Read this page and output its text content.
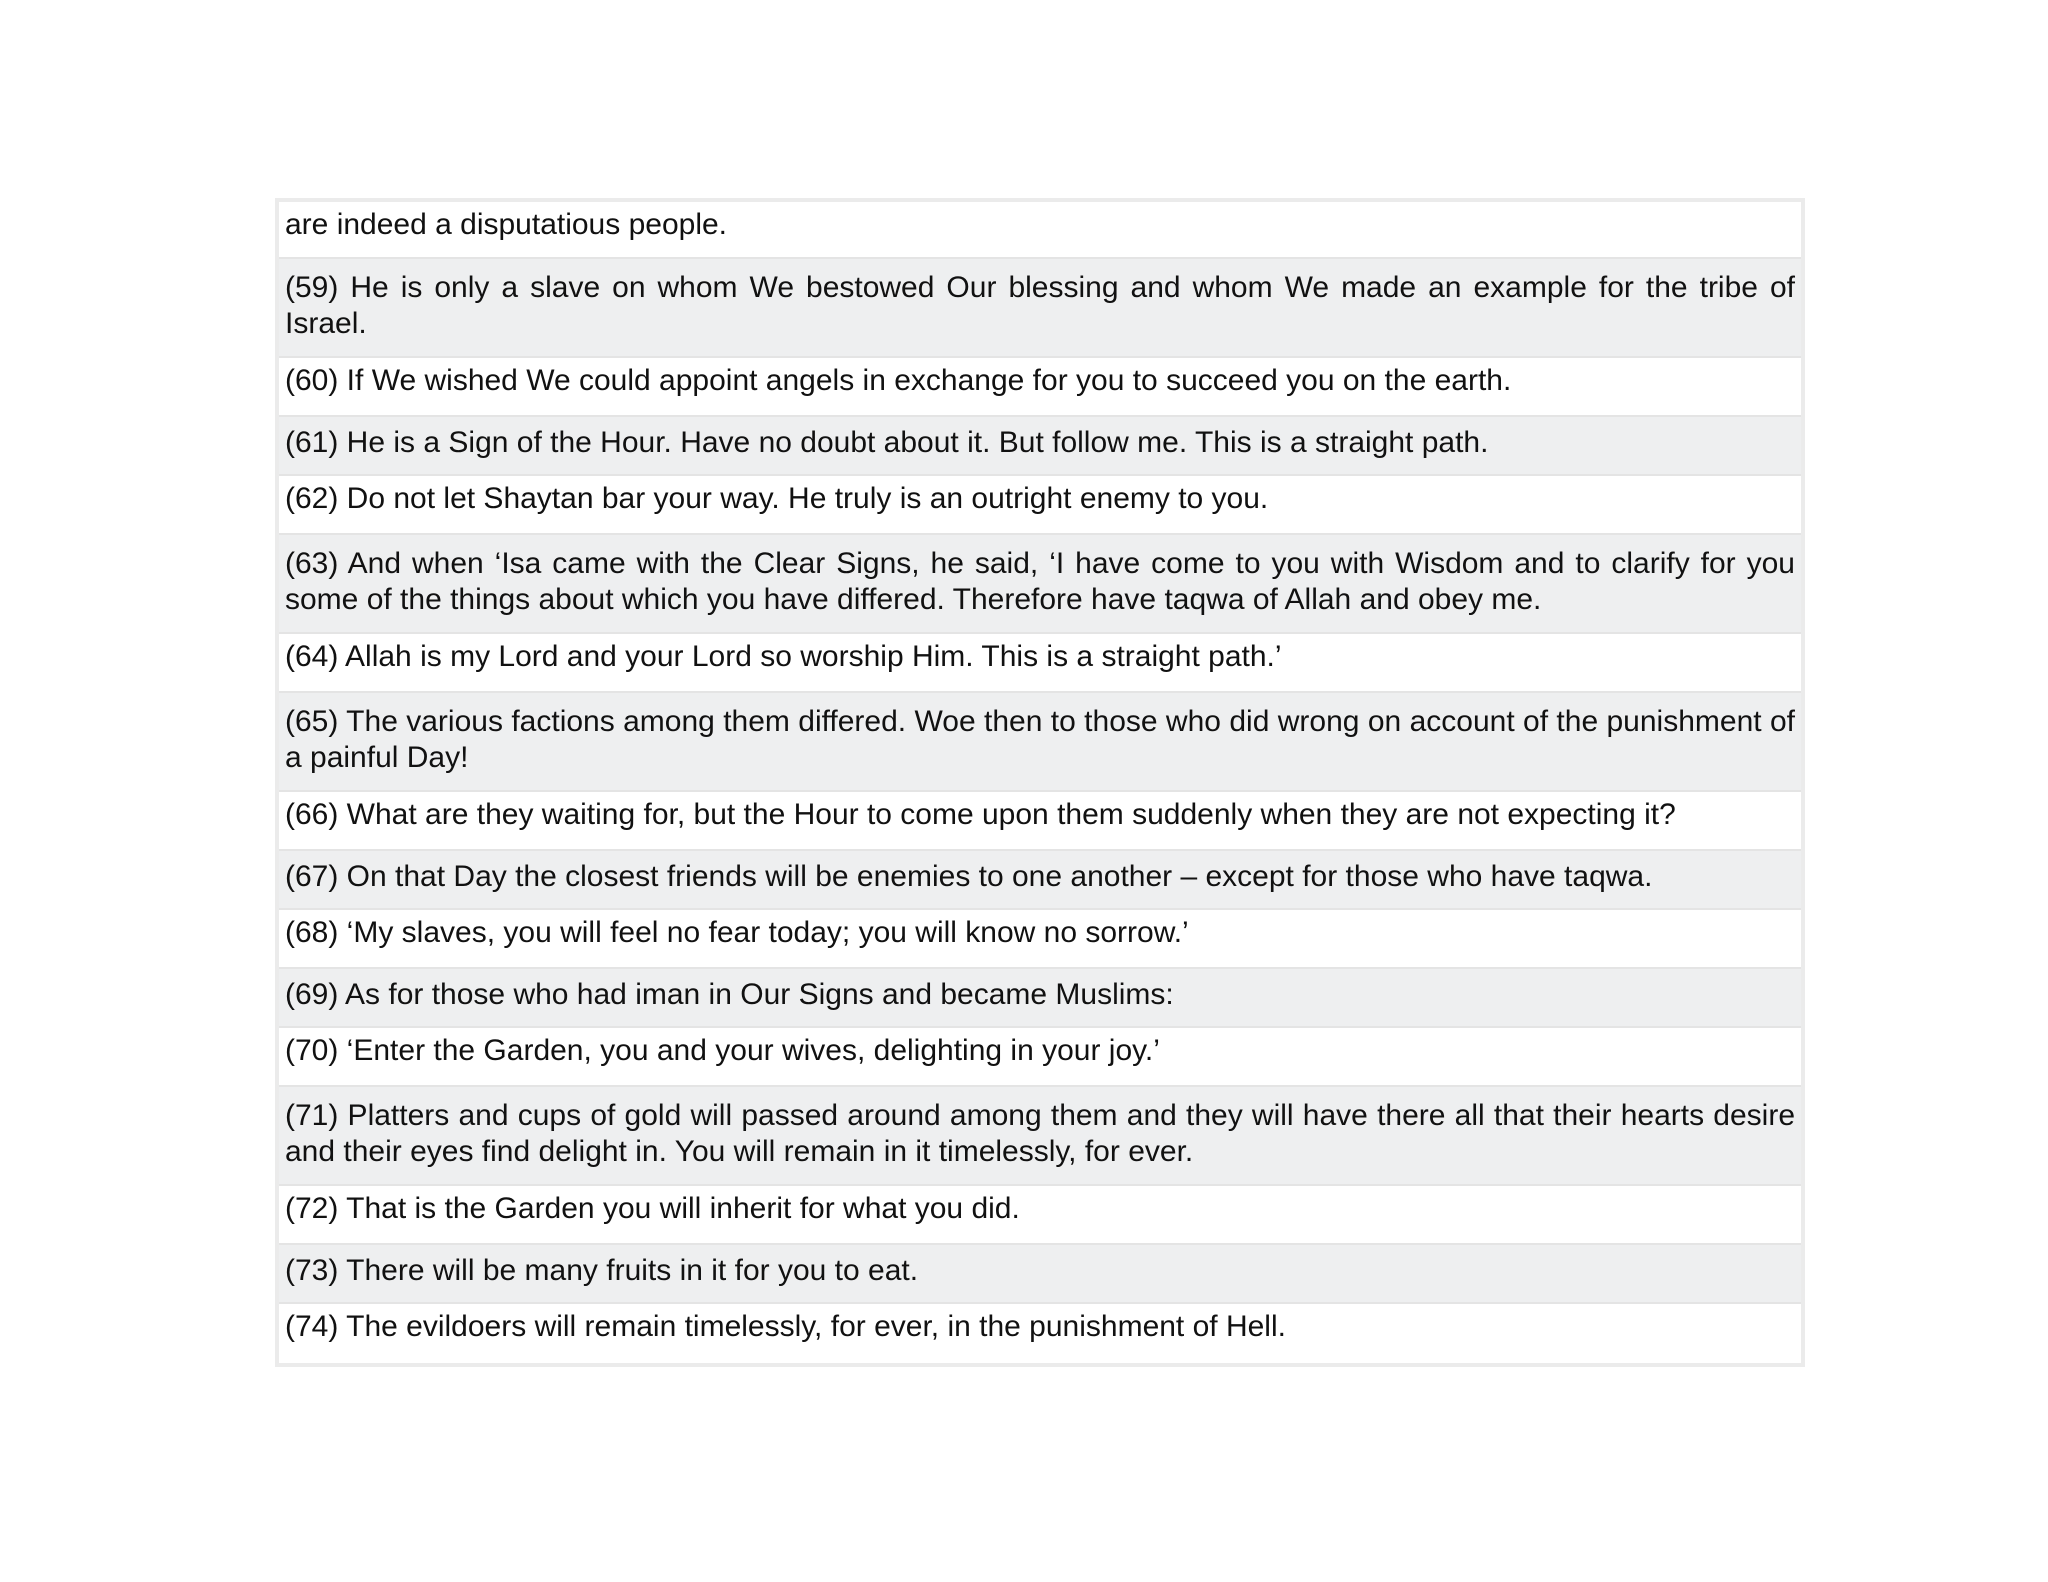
are indeed a disputatious people.
(59) He is only a slave on whom We bestowed Our blessing and whom We made an example for the tribe of Israel.
(60) If We wished We could appoint angels in exchange for you to succeed you on the earth.
(61) He is a Sign of the Hour. Have no doubt about it. But follow me. This is a straight path.
(62) Do not let Shaytan bar your way. He truly is an outright enemy to you.
(63) And when ‘Isa came with the Clear Signs, he said, ‘I have come to you with Wisdom and to clarify for you some of the things about which you have differed. Therefore have taqwa of Allah and obey me.
(64) Allah is my Lord and your Lord so worship Him. This is a straight path.’
(65) The various factions among them differed. Woe then to those who did wrong on account of the punishment of a painful Day!
(66) What are they waiting for, but the Hour to come upon them suddenly when they are not expecting it?
(67) On that Day the closest friends will be enemies to one another – except for those who have taqwa.
(68) ‘My slaves, you will feel no fear today; you will know no sorrow.’
(69) As for those who had iman in Our Signs and became Muslims:
(70) ‘Enter the Garden, you and your wives, delighting in your joy.’
(71) Platters and cups of gold will passed around among them and they will have there all that their hearts desire and their eyes find delight in. You will remain in it timelessly, for ever.
(72) That is the Garden you will inherit for what you did.
(73) There will be many fruits in it for you to eat.
(74) The evildoers will remain timelessly, for ever, in the punishment of Hell.
